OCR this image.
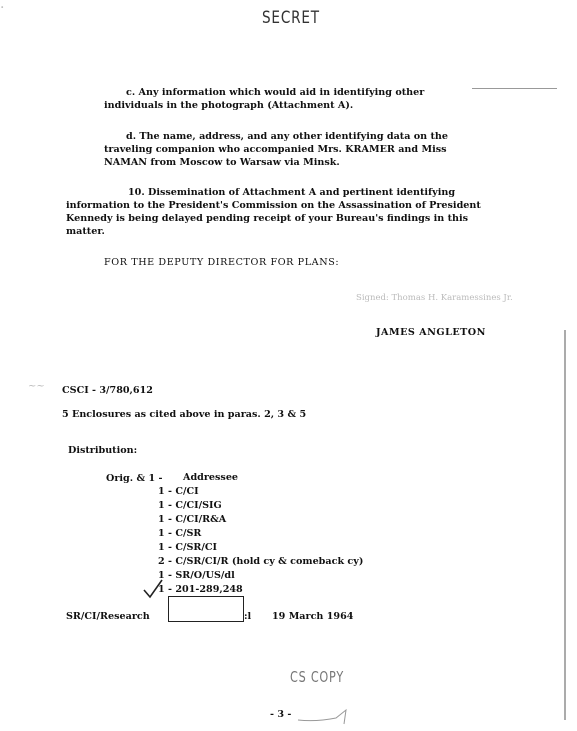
SECRET
·
c. Any information which would aid in identifying other individuals in the photograph (Attachment A).
d. The name, address, and any other identifying data on the traveling companion who accompanied Mrs. KRAMER and Miss NAMAN from Moscow to Warsaw via Minsk.
10. Dissemination of Attachment A and pertinent identifying information to the President's Commission on the Assassination of President Kennedy is being delayed pending receipt of your Bureau's findings in this matter.
FOR THE DEPUTY DIRECTOR FOR PLANS:
Signed: Thomas H. Karamessines Jr.
JAMES ANGLETON
CSCI - 3/780,612
~~
5 Enclosures as cited above in paras. 2, 3 & 5
Distribution:
Orig. & 1 - Addressee
1 - C/CI
1 - C/CI/SIG
1 - C/CI/R&A
1 - C/SR
1 - C/SR/CI
2 - C/SR/CI/R (hold cy & comeback cy)
1 - SR/O/US/dl
1 - 201-289,248
SR/CI/Research	:l 19 March 1964
CS COPY
- 3 -
